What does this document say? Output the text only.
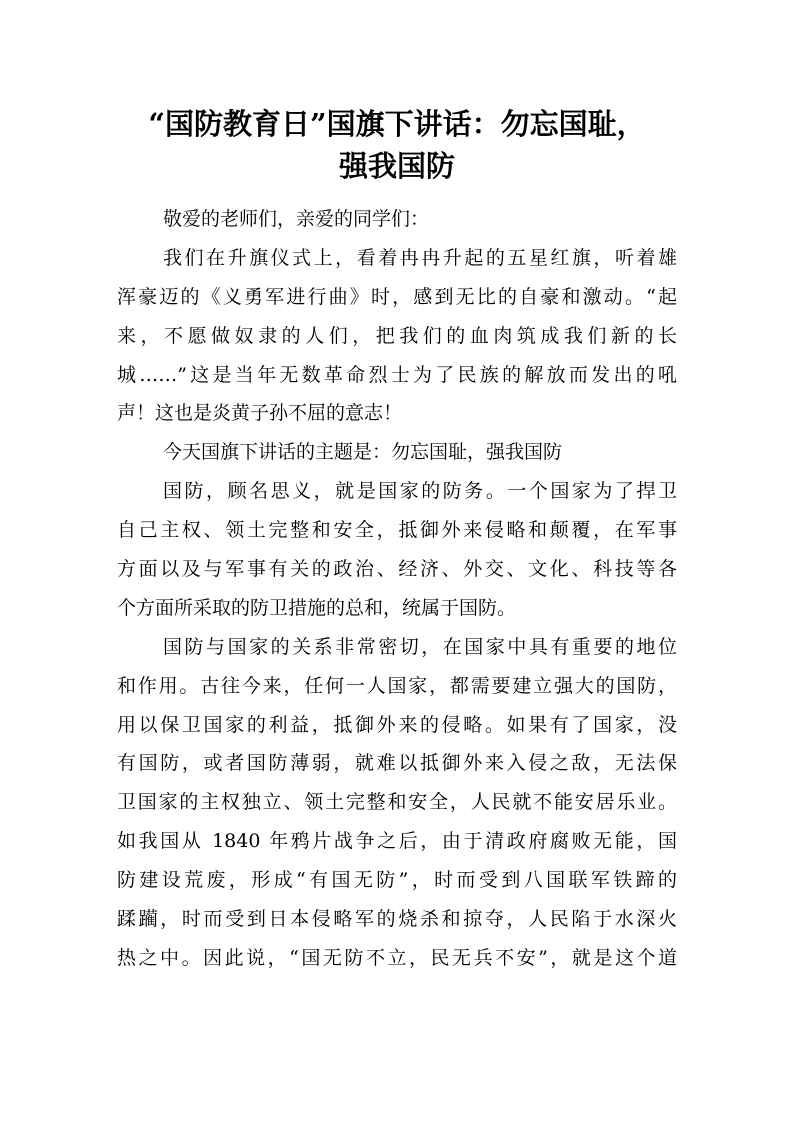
“国防教育日”国旗下讲话：勿忘国耻，
强我国防
敬爱的老师们，亲爱的同学们：
我们在升旗仪式上，看着冉冉升起的五星红旗，听着雄
浑豪迈的《义勇军进行曲》时，感到无比的自豪和激动。“起
来，不愿做奴隶的人们，把我们的血肉筑成我们新的长
城……”这是当年无数革命烈士为了民族的解放而发出的吼
声！这也是炎黄子孙不屈的意志！
今天国旗下讲话的主题是：勿忘国耻，强我国防
国防，顾名思义，就是国家的防务。一个国家为了捍卫
自己主权、领土完整和安全，抵御外来侵略和颠覆，在军事
方面以及与军事有关的政治、经济、外交、文化、科技等各
个方面所采取的防卫措施的总和，统属于国防。
国防与国家的关系非常密切，在国家中具有重要的地位
和作用。古往今来，任何一人国家，都需要建立强大的国防，
用以保卫国家的利益，抵御外来的侵略。如果有了国家，没
有国防，或者国防薄弱，就难以抵御外来入侵之敌，无法保
卫国家的主权独立、领土完整和安全，人民就不能安居乐业。
如我国从 1840 年鸦片战争之后，由于清政府腐败无能，国
防建设荒废，形成“有国无防”，时而受到八国联军铁蹄的
蹂躏，时而受到日本侵略军的烧杀和掠夺，人民陷于水深火
热之中。因此说，“国无防不立，民无兵不安”，就是这个道
